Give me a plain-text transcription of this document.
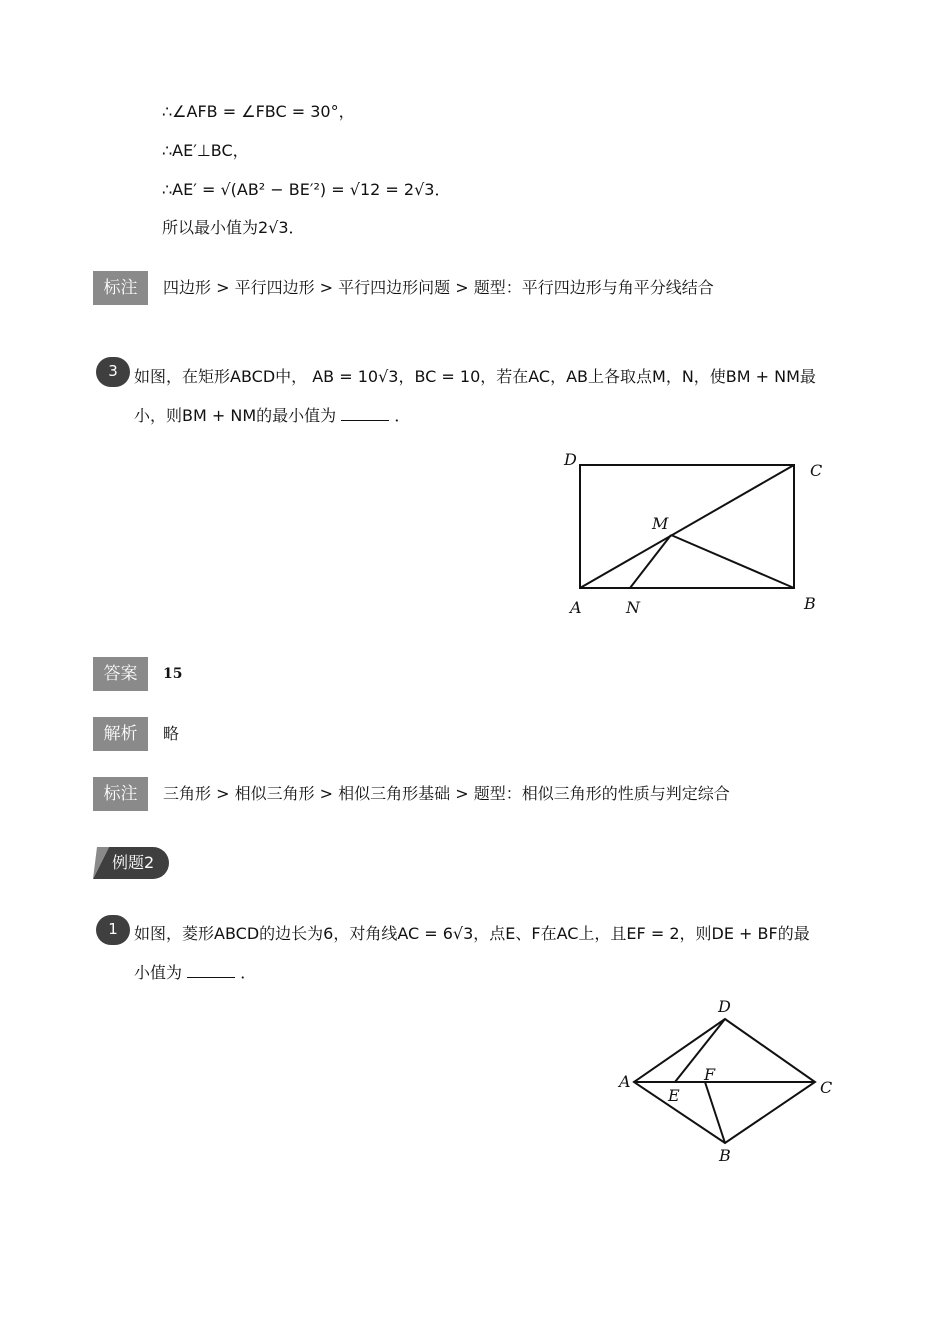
∴∠AFB = ∠FBC = 30°，
∴AE′⊥BC，
∴AE′ = √(AB² − BE′²) = √12 = 2√3．
所以最小值为2√3．
标注	四边形 > 平行四边形 > 平行四边形问题 > 题型：平行四边形与角平分线结合
3	如图，在矩形ABCD中， AB = 10√3，BC = 10，若在AC，AB上各取点M，N，使BM + NM最
小，则BM + NM的最小值为	．
D
C
M
A	N	B
答案	15
解析	略
标注	三角形 > 相似三角形 > 相似三角形基础 > 题型：相似三角形的性质与判定综合
例题2
1	如图，菱形ABCD的边长为6，对角线AC = 6√3，点E、F在AC上，且EF = 2，则DE + BF的最
小值为	．
D
A	F
C
E
B
